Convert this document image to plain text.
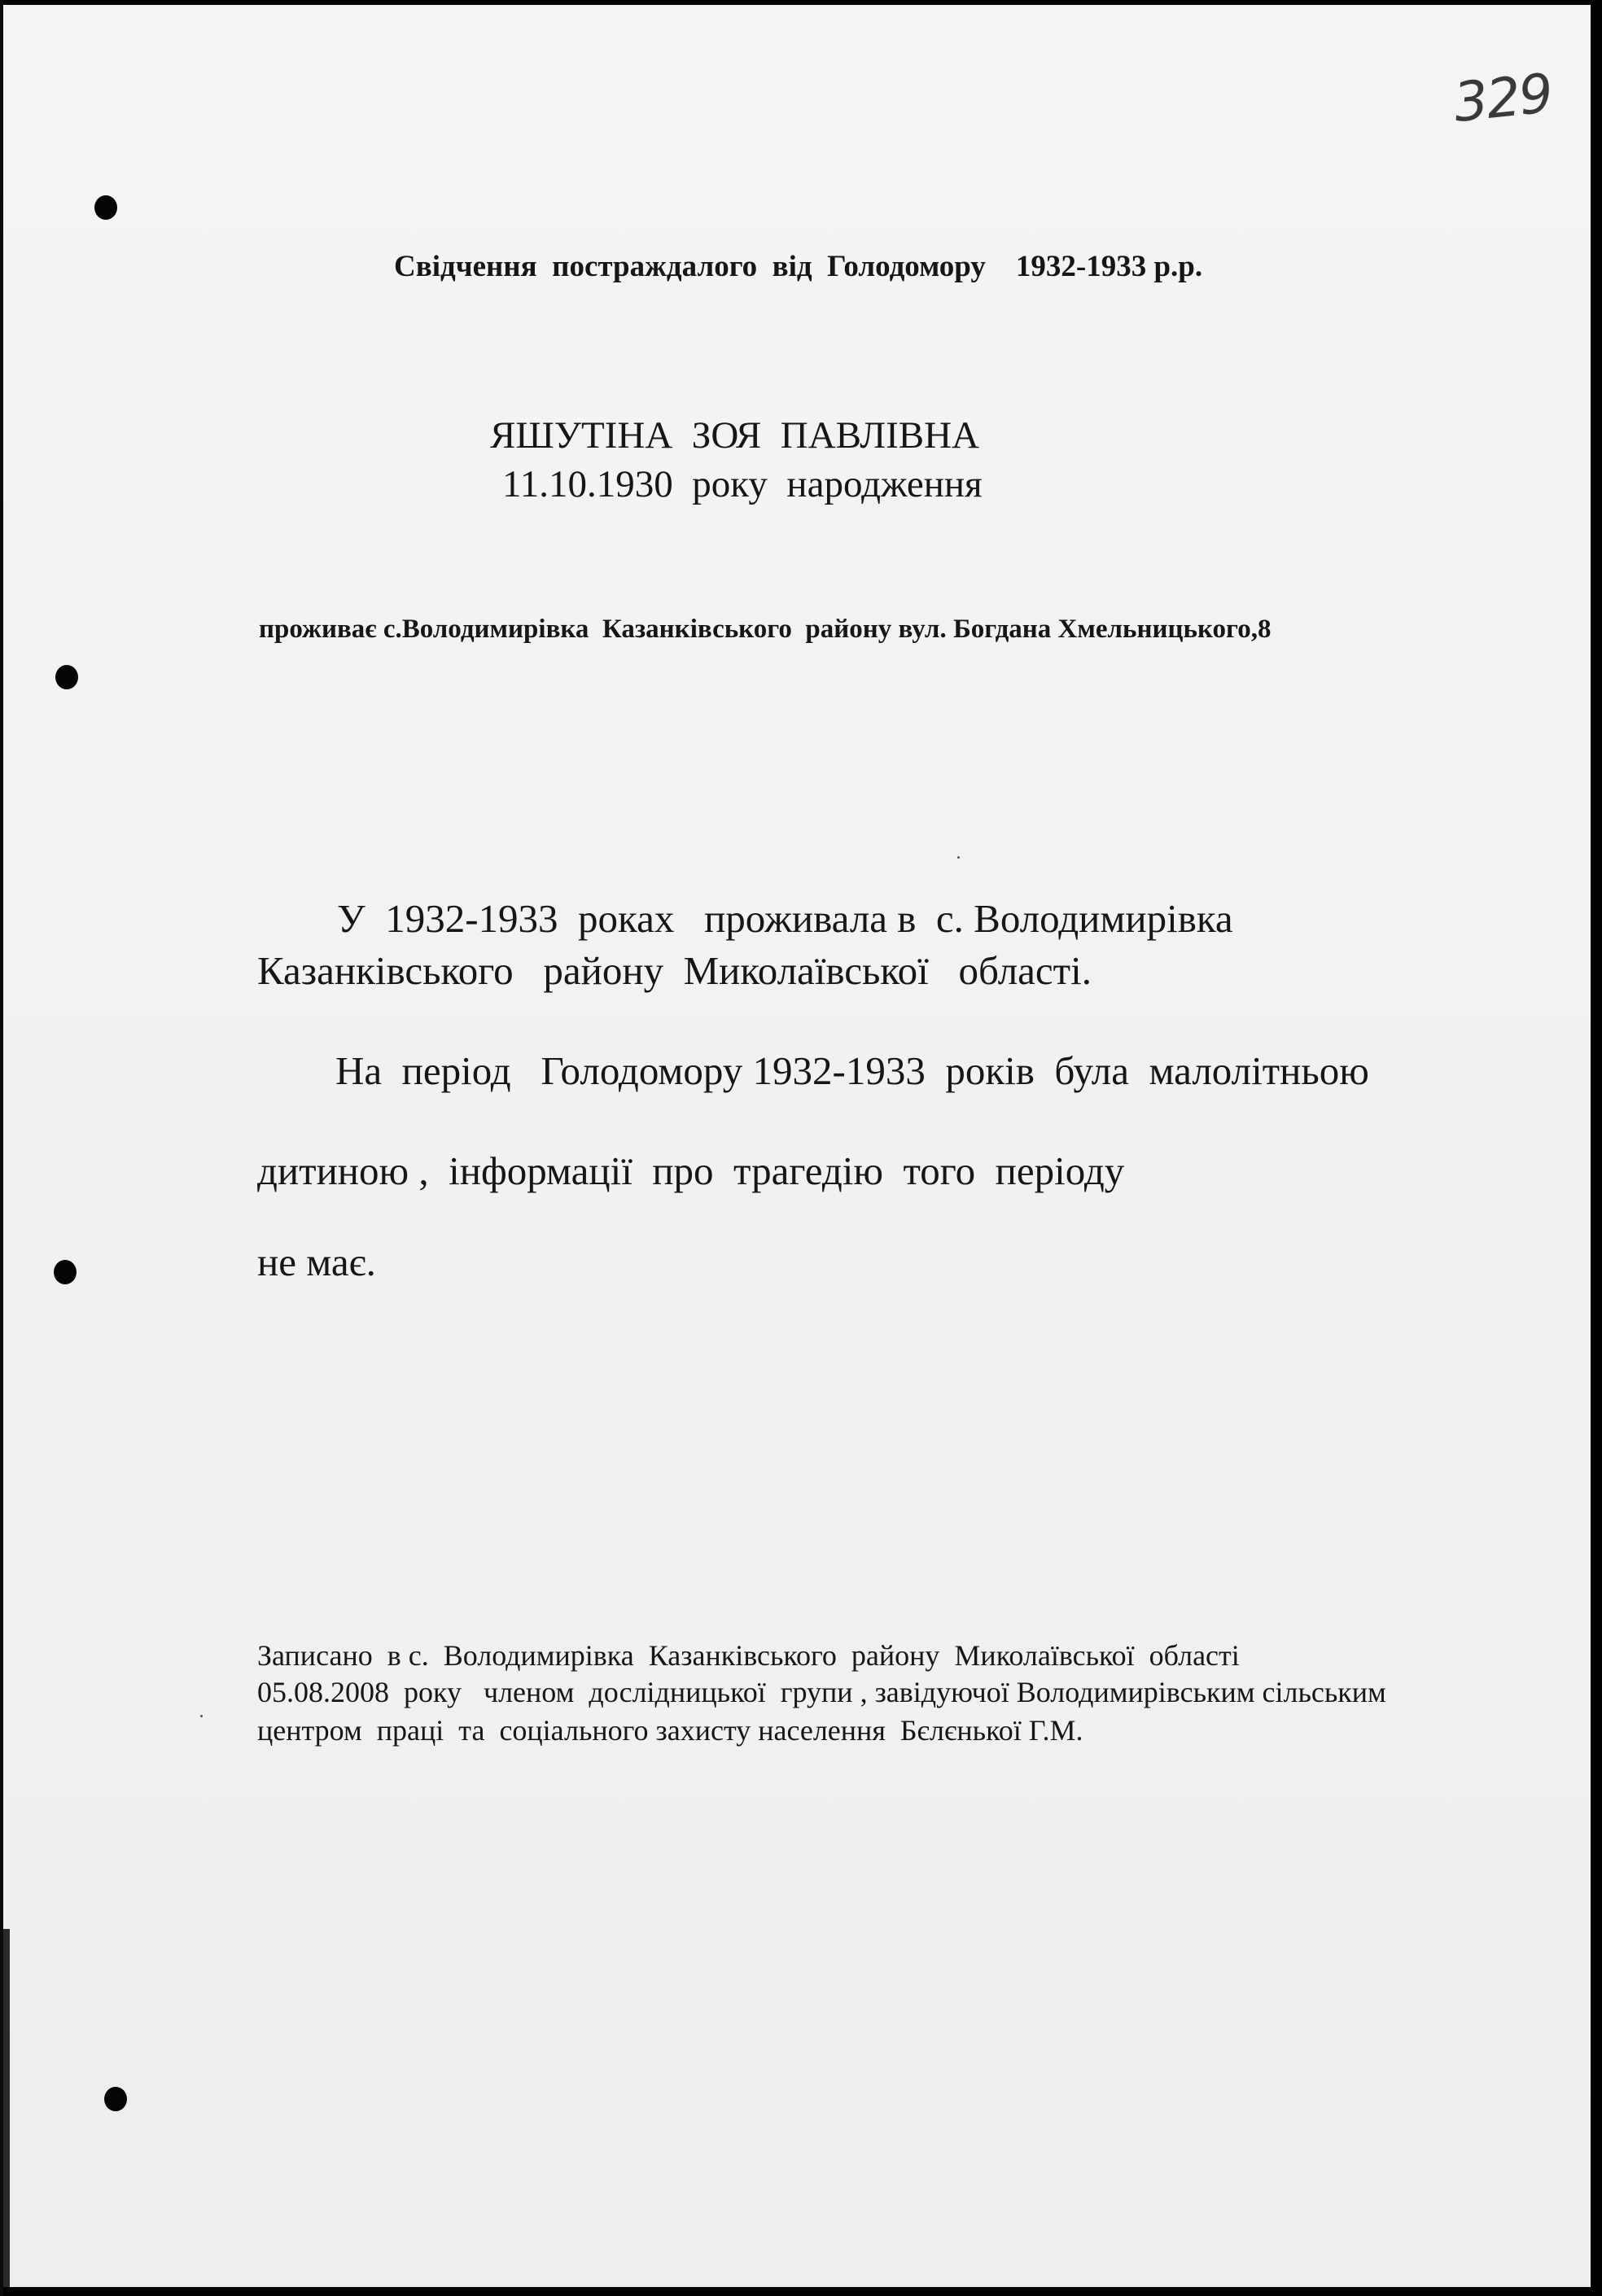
329
Свідчення  постраждалого  від  Голодомору    1932-1933 р.р.
ЯШУТІНА  ЗОЯ  ПАВЛІВНА
11.10.1930  року  народження
проживає с.Володимирівка  Казанківського  району вул. Богдана Хмельницького,8
У  1932-1933  роках   проживала в  с. Володимирівка
Казанківського   району  Миколаївської   області.
На  період   Голодомору 1932-1933  років  була  малолітньою
дитиною ,  інформації  про  трагедію  того  періоду
не має.
Записано  в с.  Володимирівка  Казанківського  району  Миколаївської  області
05.08.2008  року   членом  дослідницької  групи , завідуючої Володимирівським сільським
центром  праці  та  соціального захисту населення  Бєлєнької Г.М.
